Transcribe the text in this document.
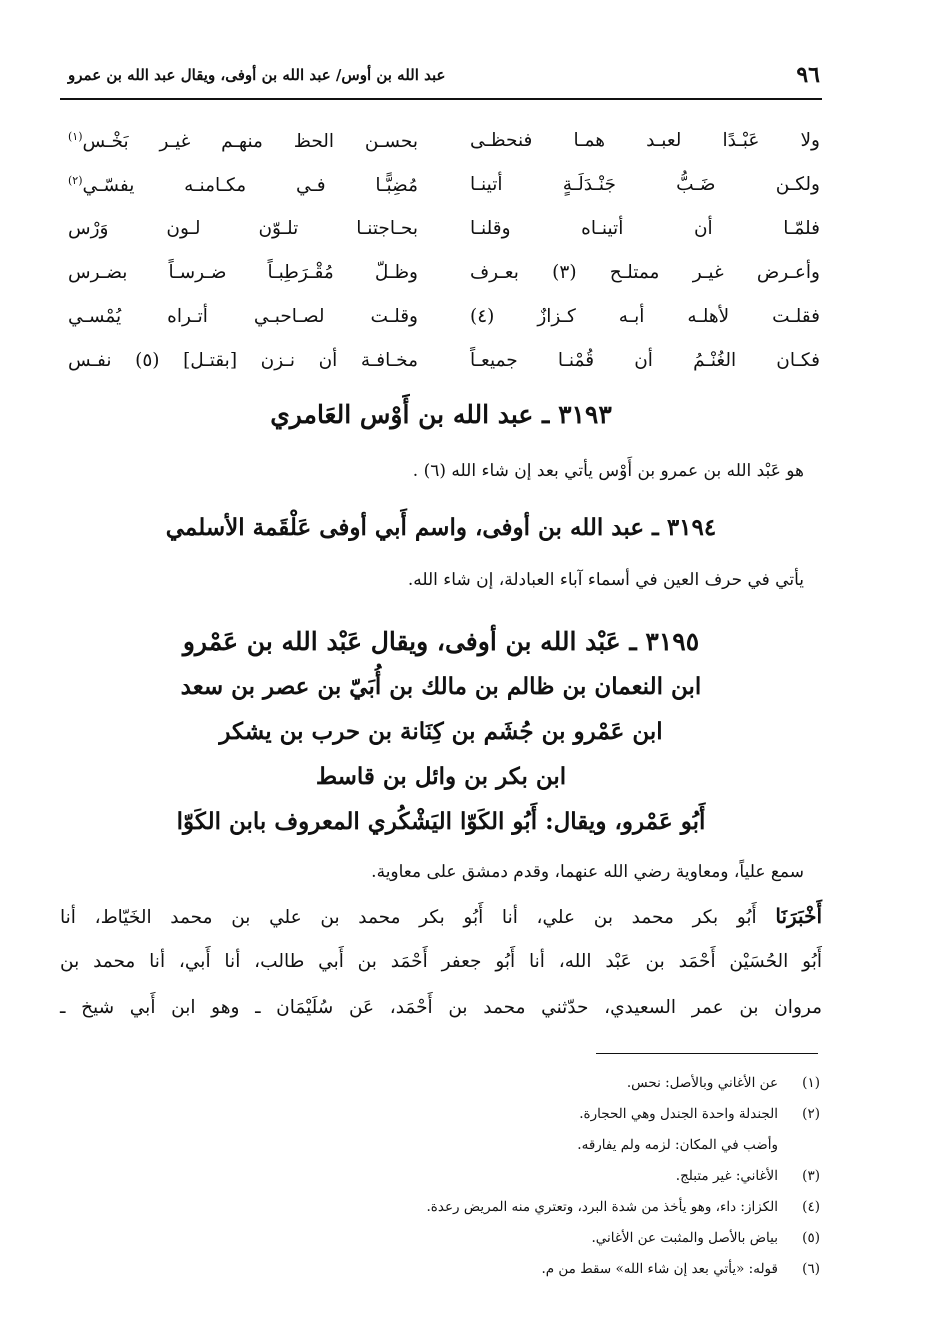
٩٦
عبد الله بن أوس/ عبد الله بن أوفى، ويقال عبد الله بن عمرو
ولا عَبْـدًا لعبـد همـا فنحظـى
بحسـن الحظ منهـم غيـر بَخْـس$^{(١)}$
ولكـن ضَـبُّ جَنْـدَلَـةٍ أتينـا
مُضِبًّـا فـي مكـامنـه يفسّـي$^{(٢)}$
فلمّـا أن أتينـاه وقلنـا
بحـاجتنـا تلـوّن لـون وَرْس
وأعـرض غيـر ممتلـح (٣) بعـرف
وظـلّ مُقْـرَطِبـاً ضـرسـاً بضـرس
فقلـت لأهلـه أبـه كـزازٌ (٤)
وقلـت لصـاحبـي أتـراه يُمْسـي
فكـان الغُنْـمُ أن قُمْنـا جميعـاً
مخـافـة أن نـزن [بقتـل] (٥) نفـس
٣١٩٣ ـ عبد الله بن أَوْس العَامري
هو عَبْد الله بن عمرو بن أَوْس يأتي بعد إن شاء الله (٦) .
٣١٩٤ ـ عبد الله بن أوفى، واسم أَبي أوفى عَلْقَمة الأسلمي
يأتي في حرف العين في أسماء آباء العبادلة، إن شاء الله.
٣١٩٥ ـ عَبْد الله بن أوفى، ويقال عَبْد الله بن عَمْرو
ابن النعمان بن ظالم بن مالك بن أُبَيّ بن عصر بن سعد
ابن عَمْرو بن جُشَم بن كِنَانة بن حرب بن يشكر
ابن بكر بن وائل بن قاسط
أَبُو عَمْرو، ويقال: أَبُو الكَوّا اليَشْكُري المعروف بابن الكَوّا
سمع علياً، ومعاوية رضي الله عنهما، وقدم دمشق على معاوية.
أَخْبَرَنَا أَبُو بكر محمد بن علي، أنا أَبُو بكر محمد بن علي بن محمد الخَيّاط، أنا
أَبُو الحُسَيْن أَحْمَد بن عَبْد الله، أنا أَبُو جعفر أَحْمَد بن أَبي طالب، أنا أَبي، أنا محمد بن
مروان بن عمر السعيدي، حدّثني محمد بن أَحْمَد، عَن سُلَيْمَان ـ وهو ابن أَبي شيخ ـ
(١)عن الأغاني وبالأصل: نحس.
(٢)الجندلة واحدة الجندل وهي الحجارة.
وأضب في المكان: لزمه ولم يفارقه.
(٣)الأغاني: غير متبلج.
(٤)الكزاز: داء، وهو يأخذ من شدة البرد، وتعتري منه المريض رعدة.
(٥)بياض بالأصل والمثبت عن الأغاني.
(٦)قوله: «يأتي بعد إن شاء الله» سقط من م.
